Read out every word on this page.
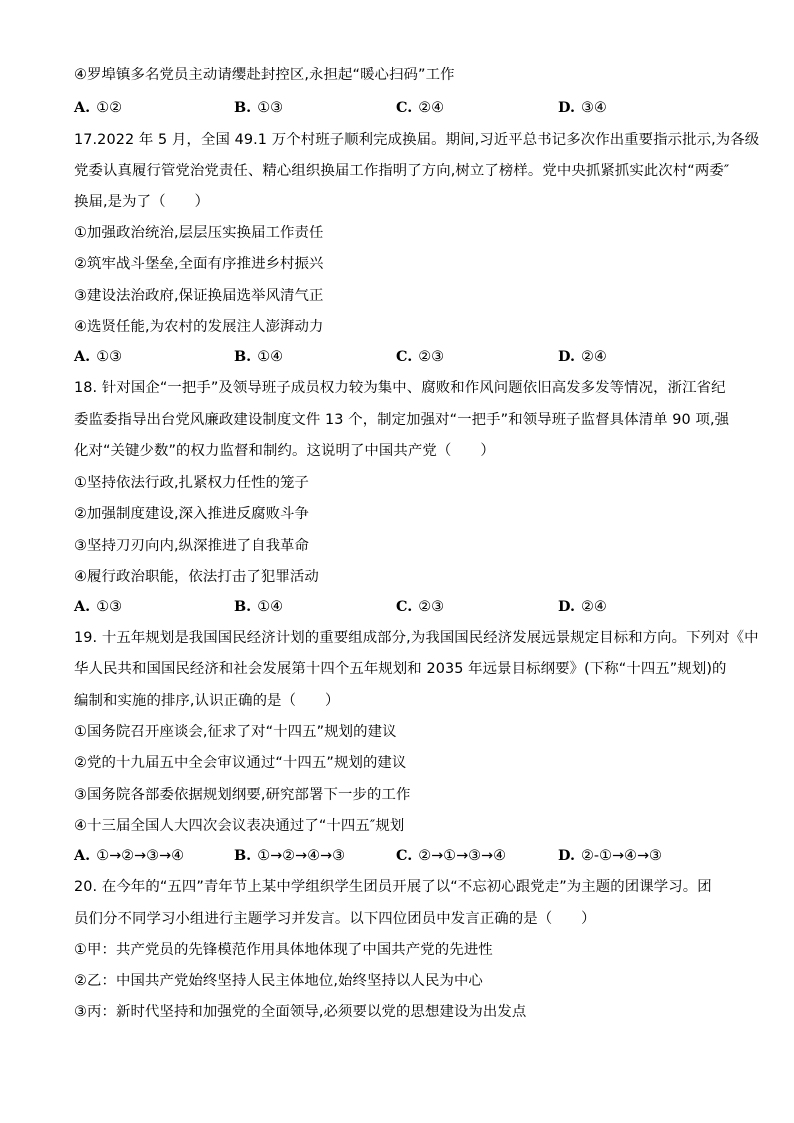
④罗埠镇多名党员主动请缨赴封控区,永担起“暖心扫码”工作
A. ①②	B. ①③	C. ②④	D. ③④
17.2022 年 5 月，全国 49.1 万个村班子顺利完成换届。期间,习近平总书记多次作出重要指示批示,为各级
党委认真履行管党治党责任、精心组织换届工作指明了方向,树立了榜样。党中央抓紧抓实此次村“两委″
换届,是为了（　　）
①加强政治统治,层层压实换届工作责任
②筑牢战斗堡垒,全面有序推进乡村振兴
③建设法治政府,保证换届选举风清气正
④选贤任能,为农村的发展注人澎湃动力
A. ①③	B. ①④	C. ②③	D. ②④
18. 针对国企“一把手”及领导班子成员权力较为集中、腐败和作风问题依旧高发多发等情况，浙江省纪
委监委指导出台党风廉政建设制度文件 13 个，制定加强对“一把手”和领导班子监督具体清单 90 项,强
化对“关键少数”的权力监督和制约。这说明了中国共产党（　　）
①坚持依法行政,扎紧权力任性的笼子
②加强制度建设,深入推进反腐败斗争
③坚持刀刃向内,纵深推进了自我革命
④履行政治职能，依法打击了犯罪活动
A. ①③	B. ①④	C. ②③	D. ②④
19. 十五年规划是我国国民经济计划的重要组成部分,为我国国民经济发展远景规定目标和方向。下列对《中
华人民共和国国民经济和社会发展第十四个五年规划和 2035 年远景目标纲要》(下称“十四五”规划)的
编制和实施的排序,认识正确的是（　　）
①国务院召开座谈会,征求了对“十四五”规划的建议
②党的十九届五中全会审议通过“十四五”规划的建议
③国务院各部委依据规划纲要,研究部署下一步的工作
④十三届全国人大四次会议表决通过了“十四五″规划
A. ①→②→③→④	B. ①→②→④→③	C. ②→①→③→④	D. ②-①→④→③
20. 在今年的“五四”青年节上某中学组织学生团员开展了以“不忘初心跟党走”为主题的团课学习。团
员们分不同学习小组进行主题学习并发言。以下四位团员中发言正确的是（　　）
①甲：共产党员的先锋模范作用具体地体现了中国共产党的先进性
②乙：中国共产党始终坚持人民主体地位,始终坚持以人民为中心
③丙：新时代坚持和加强党的全面领导,必须要以党的思想建设为出发点
